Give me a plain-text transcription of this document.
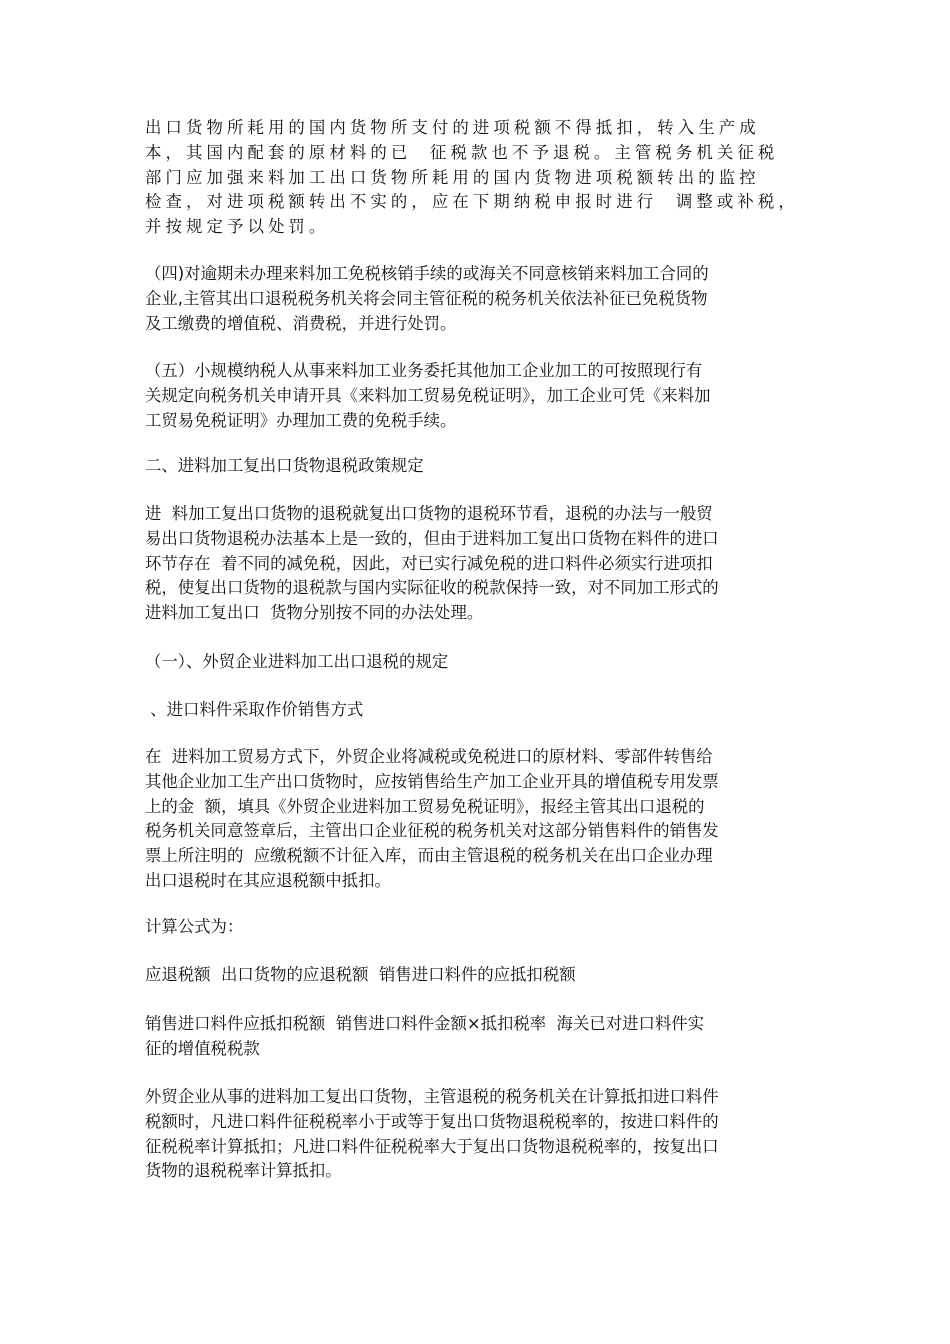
出口货物所耗用的国内货物所支付的进项税额不得抵扣，转入生产成
本，其国内配套的原材料的已  征税款也不予退税。主管税务机关征税
部门应加强来料加工出口货物所耗用的国内货物进项税额转出的监控
检查，对进项税额转出不实的，应在下期纳税申报时进行  调整或补税，
并按规定予以处罚。
（四)对逾期未办理来料加工免税核销手续的或海关不同意核销来料加工合同的
企业,主管其出口退税税务机关将会同主管征税的税务机关依法补征已免税货物
及工缴费的增值税、消费税，并进行处罚。
（五）小规模纳税人从事来料加工业务委托其他加工企业加工的可按照现行有
关规定向税务机关申请开具《来料加工贸易免税证明》，加工企业可凭《来料加
工贸易免税证明》办理加工费的免税手续。
二、进料加工复出口货物退税政策规定
进  料加工复出口货物的退税就复出口货物的退税环节看，退税的办法与一般贸
易出口货物退税办法基本上是一致的，但由于进料加工复出口货物在料件的进口
环节存在  着不同的减免税，因此，对已实行减免税的进口料件必须实行进项扣
税，使复出口货物的退税款与国内实际征收的税款保持一致，对不同加工形式的
进料加工复出口  货物分别按不同的办法处理。
（一）、外贸企业进料加工出口退税的规定
、进口料件采取作价销售方式
在  进料加工贸易方式下，外贸企业将减税或免税进口的原材料、零部件转售给
其他企业加工生产出口货物时，应按销售给生产加工企业开具的增值税专用发票
上的金  额，填具《外贸企业进料加工贸易免税证明》，报经主管其出口退税的
税务机关同意签章后，主管出口企业征税的税务机关对这部分销售料件的销售发
票上所注明的  应缴税额不计征入库，而由主管退税的税务机关在出口企业办理
出口退税时在其应退税额中抵扣。
计算公式为：
应退税额  出口货物的应退税额  销售进口料件的应抵扣税额
销售进口料件应抵扣税额  销售进口料件金额×抵扣税率  海关已对进口料件实
征的增值税税款
外贸企业从事的进料加工复出口货物，主管退税的税务机关在计算抵扣进口料件
税额时，凡进口料件征税税率小于或等于复出口货物退税税率的，按进口料件的
征税税率计算抵扣；凡进口料件征税税率大于复出口货物退税税率的，按复出口
货物的退税税率计算抵扣。
